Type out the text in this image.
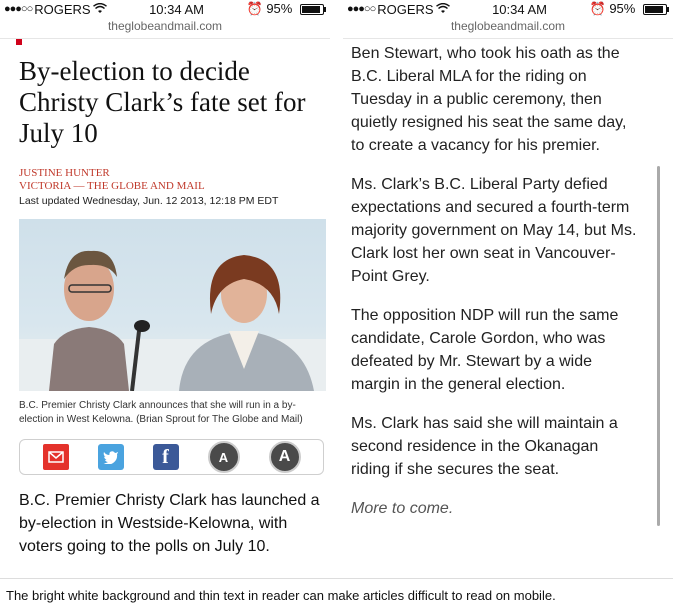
●●●○○ ROGERS	10:34 AM	⏰ 95%
theglobeandmail.com
By-election to decide Christy Clark’s fate set for July 10
JUSTINE HUNTER
VICTORIA — THE GLOBE AND MAIL
Last updated Wednesday, Jun. 12 2013, 12:18 PM EDT
B.C. Premier Christy Clark announces that she will run in a by-election in West Kelowna. (Brian Sprout for The Globe and Mail)
f	A	A

B.C. Premier Christy Clark has launched a by-election in Westside-Kelowna, with voters going to the polls on July 10.

●●●○○ ROGERS	10:34 AM	⏰ 95%
theglobeandmail.com

Ben Stewart, who took his oath as the B.C. Liberal MLA for the riding on Tuesday in a public ceremony, then quietly resigned his seat the same day, to create a vacancy for his premier.

Ms. Clark’s B.C. Liberal Party defied expectations and secured a fourth-term majority government on May 14, but Ms. Clark lost her own seat in Vancouver-Point Grey.

The opposition NDP will run the same candidate, Carole Gordon, who was defeated by Mr. Stewart by a wide margin in the general election.

Ms. Clark has said she will maintain a second residence in the Okanagan riding if she secures the seat.

More to come.

The bright white background and thin text in reader can make articles difficult to read on mobile.
